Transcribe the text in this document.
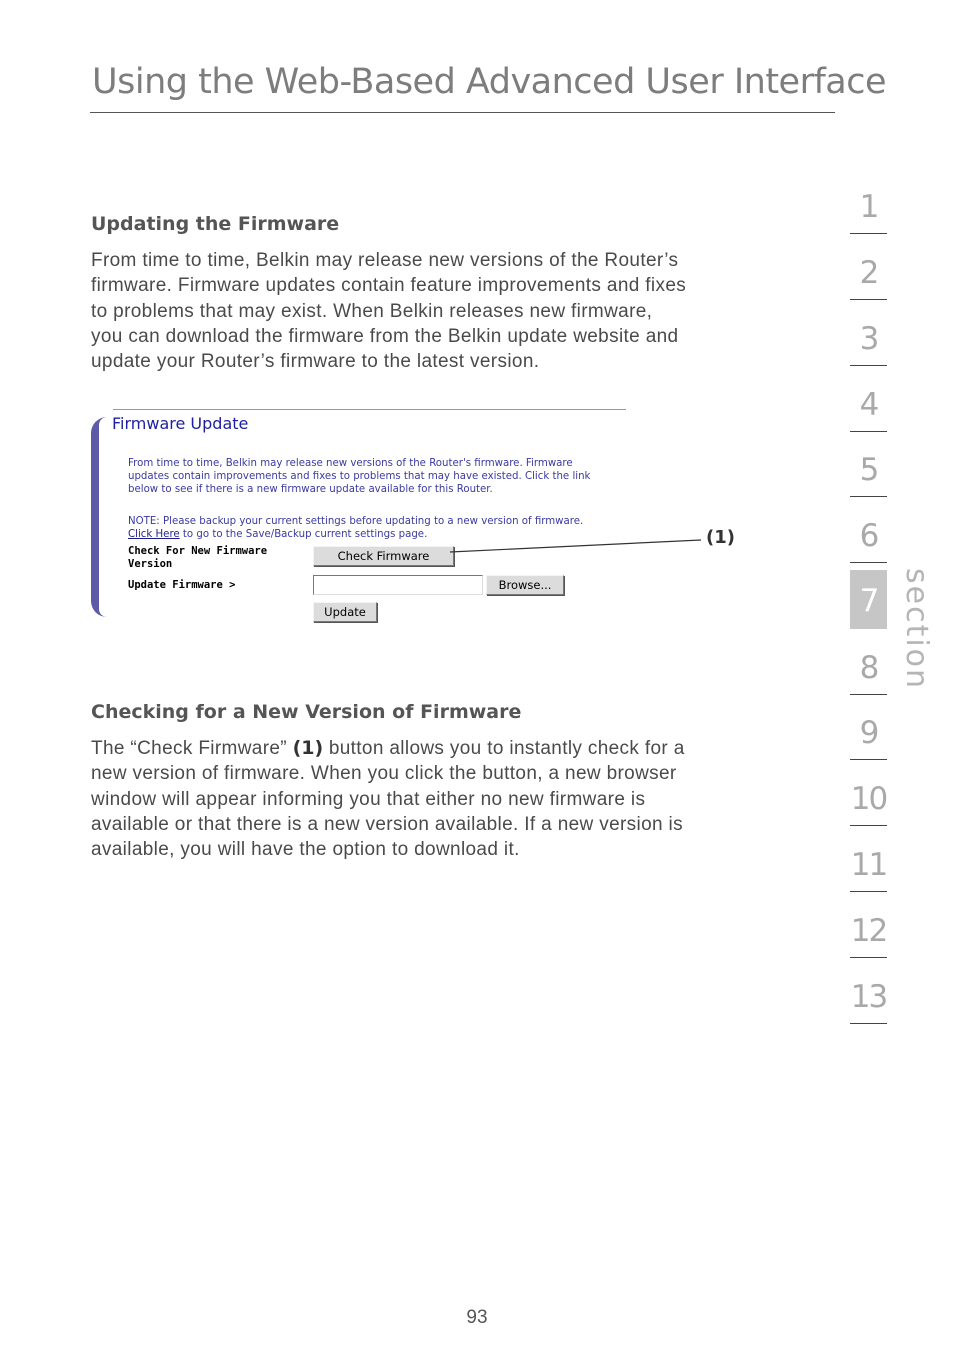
Using the Web-Based Advanced User Interface
Updating the Firmware

From time to time, Belkin may release new versions of the Router’s

firmware. Firmware updates contain feature improvements and fixes

to problems that may exist. When Belkin releases new firmware,

you can download the firmware from the Belkin update website and

update your Router’s firmware to the latest version.

Firmware Update

From time to time, Belkin may release new versions of the Router's firmware. Firmware

updates contain improvements and fixes to problems that may have existed. Click the link

below to see if there is a new firmware update available for this Router.

NOTE: Please backup your current settings before updating to a new version of firmware.

Click Here to go to the Save/Backup current settings page.

Check For New Firmware
Version
Check Firmware
Update Firmware >	Browse...
Update
(1)
Checking for a New Version of Firmware

The “Check Firmware” (1) button allows you to instantly check for a

new version of firmware. When you click the button, a new browser

window will appear informing you that either no new firmware is

available or that there is a new version available. If a new version is

available, you will have the option to download it.

1
2
3
4
5
6
7
8
9
10
11
12
13
section
93
